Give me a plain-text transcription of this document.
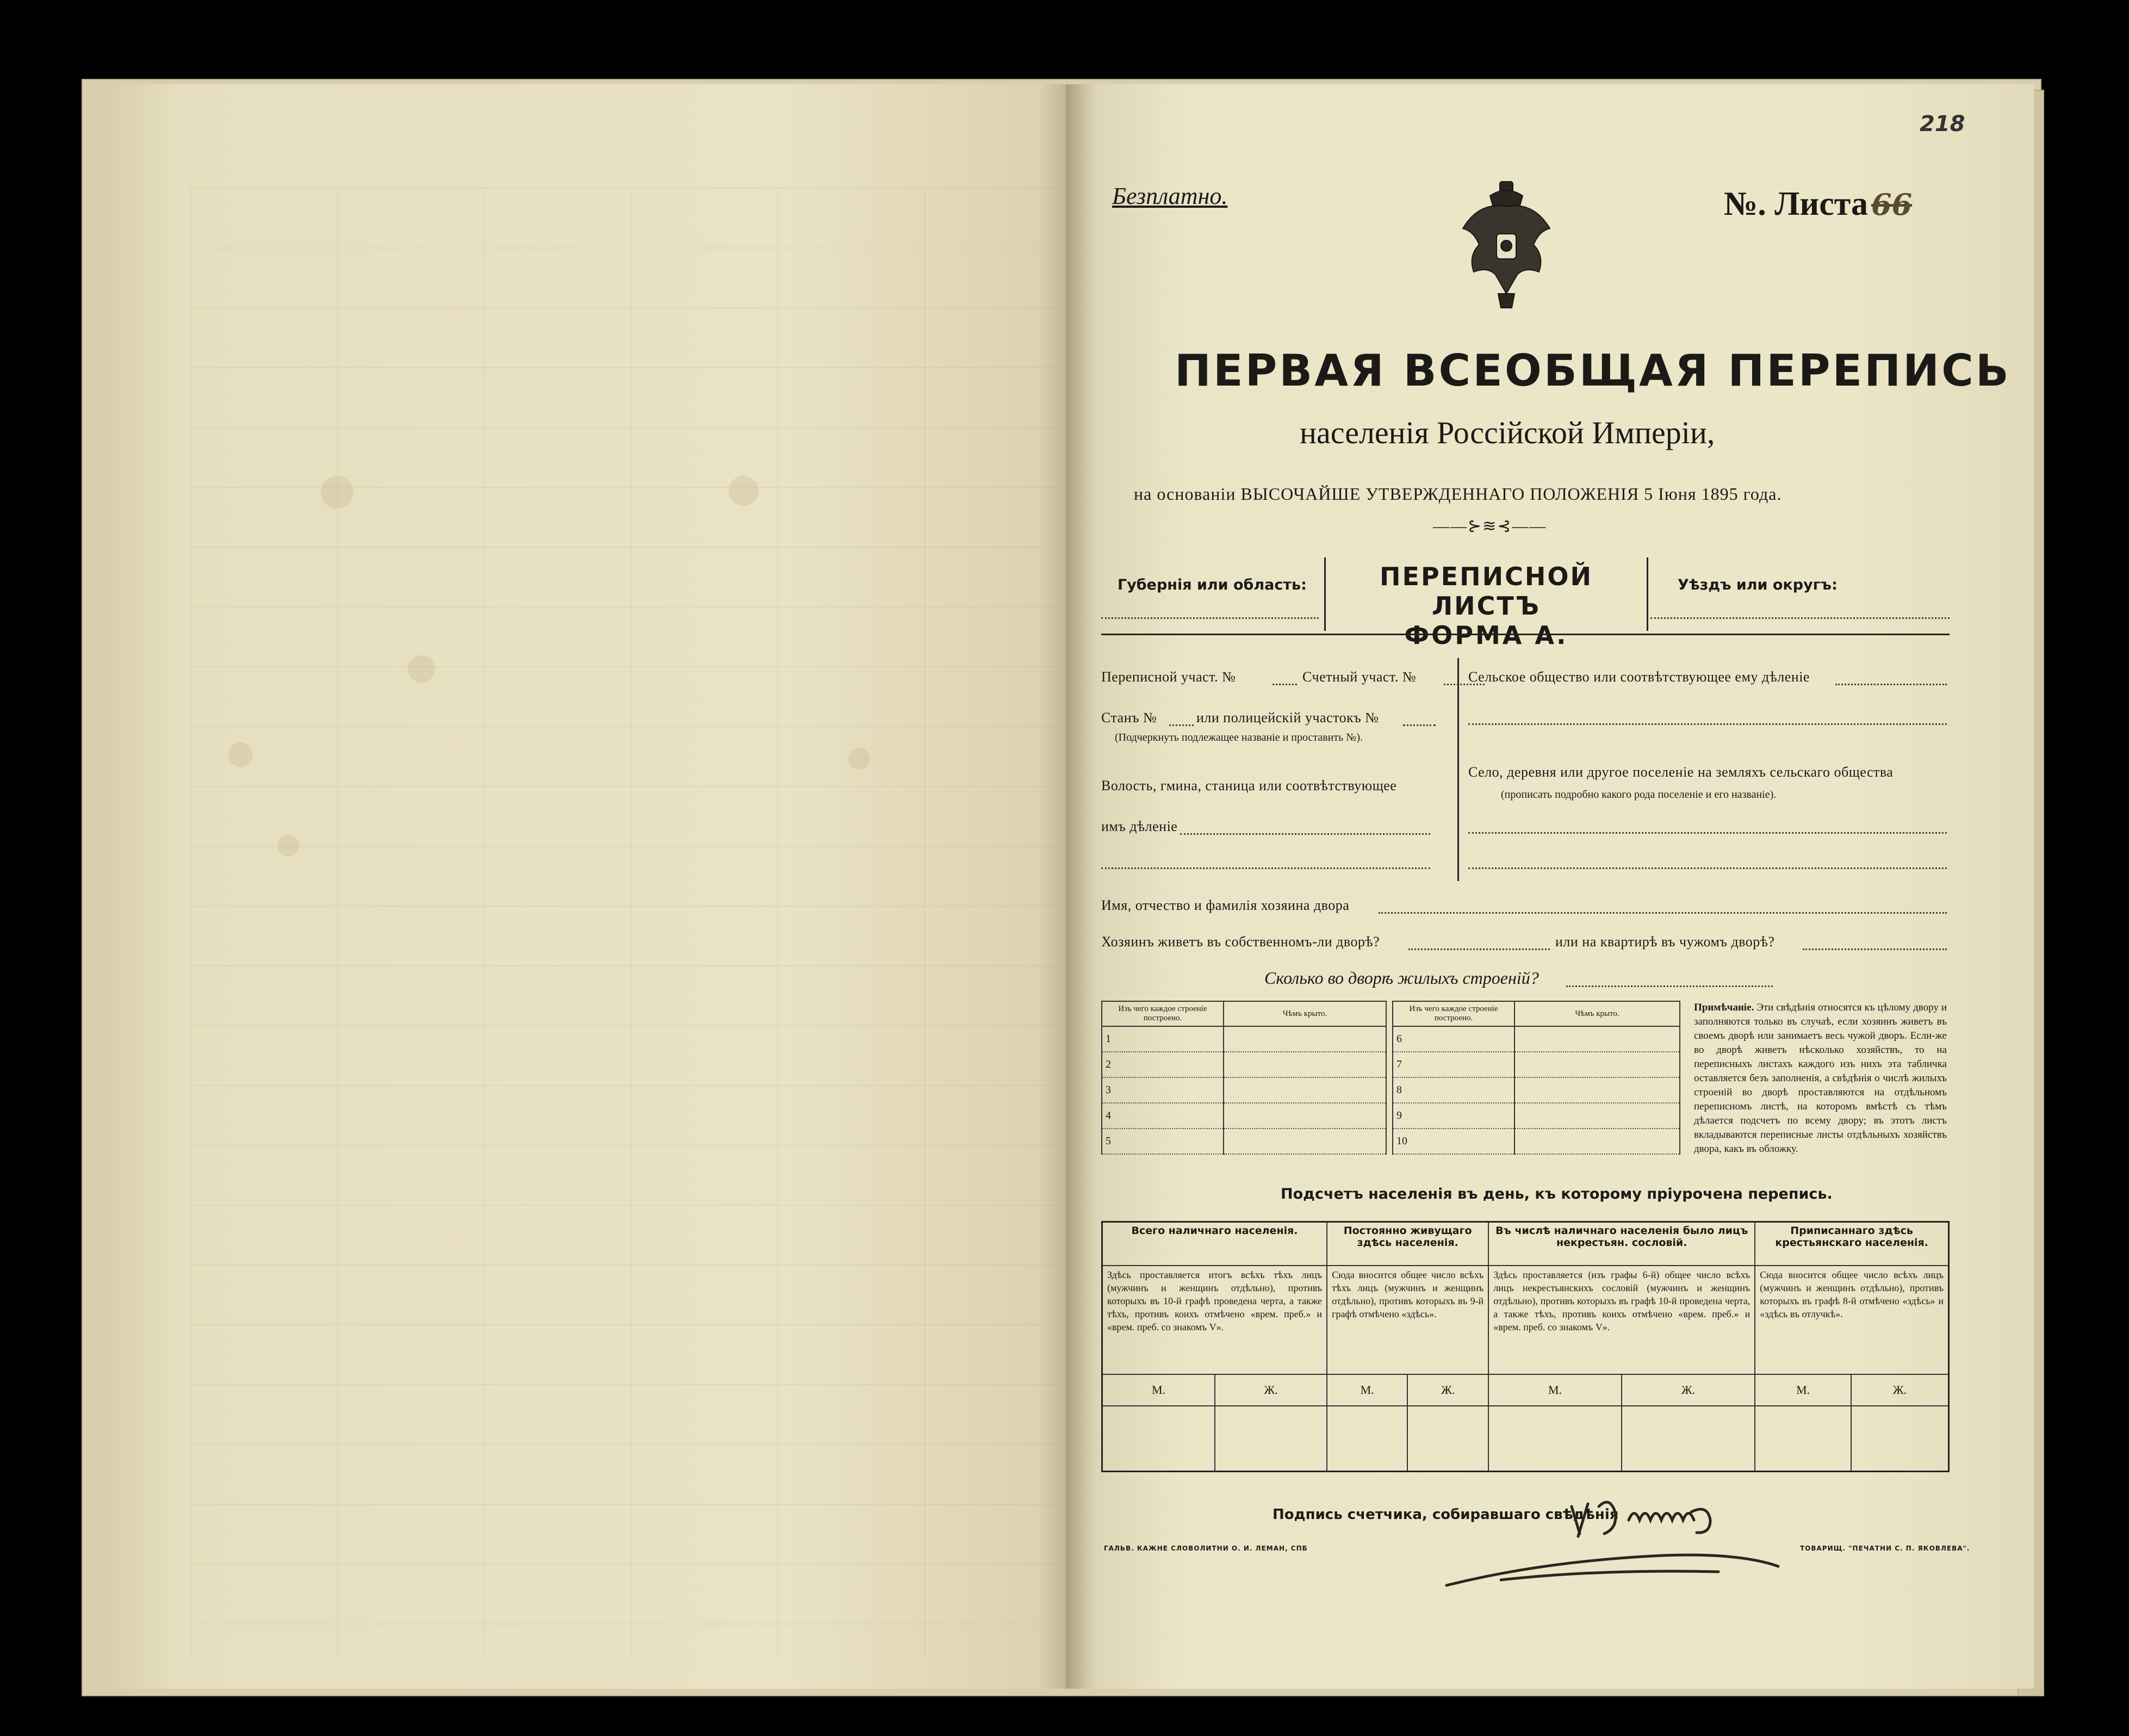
Безплатно.	№. Листа 66
218
ПЕРВАЯ ВСЕОБЩАЯ ПЕРЕПИСЬ
населенія Россійской Имперіи,
на основаніи ВЫСОЧАЙШЕ УТВЕРЖДЕННАГО ПОЛОЖЕНІЯ 5 Іюня 1895 года.
——⊱≋⊰——
Губернія или область:	ПЕРЕПИСНОЙ ЛИСТЪ
ФОРМА А.
Уѣздъ или округъ:
Переписной участ. №	Счетный участ. №
Станъ №	или полицейскій участокъ №
(Подчеркнуть подлежащее названіе и проставить №).
Волость, гмина, станица или соотвѣтствующее
имъ дѣленіе
Сельское общество или соотвѣтствующее ему дѣленіе
Село, деревня или другое поселеніе на земляхъ сельскаго общества
(прописать подробно какого рода поселеніе и его названіе).
Имя, отчество и фамилія хозяина двора
Хозяинъ живетъ въ собственномъ-ли дворѣ?	или на квартирѣ въ чужомъ дворѣ?
Сколько во дворѣ жилыхъ строеній?
Изъ чего каждое строеніе построено.	Чѣмъ крыто.
1	
2	
3	
4	
5	
Изъ чего каждое строеніе построено.	Чѣмъ крыто.
6	
7	
8	
9	
10	
Примѣчаніе. Эти свѣдѣнія относятся къ цѣлому двору и заполняются только въ случаѣ, если хозяинъ живетъ въ своемъ дворѣ или занимаетъ весь чужой дворъ. Если-же во дворѣ живетъ нѣсколько хозяйствъ, то на переписныхъ листахъ каждого изъ нихъ эта табличка оставляется безъ заполненія, а свѣдѣнія о числѣ жилыхъ строеній во дворѣ проставляются на отдѣльномъ переписномъ листѣ, на которомъ вмѣстѣ съ тѣмъ дѣлается подсчетъ по всему двору; въ этотъ листъ вкладываются переписные листы отдѣльныхъ хозяйствъ двора, какъ въ обложку.
Подсчетъ населенія въ день, къ которому пріурочена перепись.
Всего наличнаго населенія.		Постоянно живущаго здѣсь населенія.		Въ числѣ наличнаго населенія было лицъ некрестьян. сословій.		Приписаннаго здѣсь крестьянскаго населенія.	
Здѣсь проставляется итогъ всѣхъ тѣхъ лицъ (мужчинъ и женщинъ отдѣльно), противъ которыхъ въ 10-й графѣ проведена черта, а также тѣхъ, противъ коихъ отмѣчено «врем. преб.» и «врем. преб. со знакомъ V».		Сюда вносится общее число всѣхъ тѣхъ лицъ (мужчинъ и женщинъ отдѣльно), противъ которыхъ въ 9-й графѣ отмѣчено «здѣсь».		Здѣсь проставляется (изъ графы 6-й) общее число всѣхъ лицъ некрестьянскихъ сословій (мужчинъ и женщинъ отдѣльно), противъ которыхъ въ графѣ 10-й проведена черта, а также тѣхъ, противъ коихъ отмѣчено «врем. преб.» и «врем. преб. со знакомъ V».		Сюда вносится общее число всѣхъ лицъ (мужчинъ и женщинъ отдѣльно), противъ которыхъ въ графѣ 8-й отмѣчено «здѣсь» и «здѣсь въ отлучкѣ».	
М.	Ж.	М.	Ж.	М.	Ж.	М.	Ж.

Подпись счетчика, собиравшаго свѣдѣнія
ГАЛЬВ. КАЖНЕ СЛОВОЛИТНИ О. И. ЛЕМАН, СПБ	ТОВАРИЩ. "ПЕЧАТНИ С. П. ЯКОВЛЕВА".
